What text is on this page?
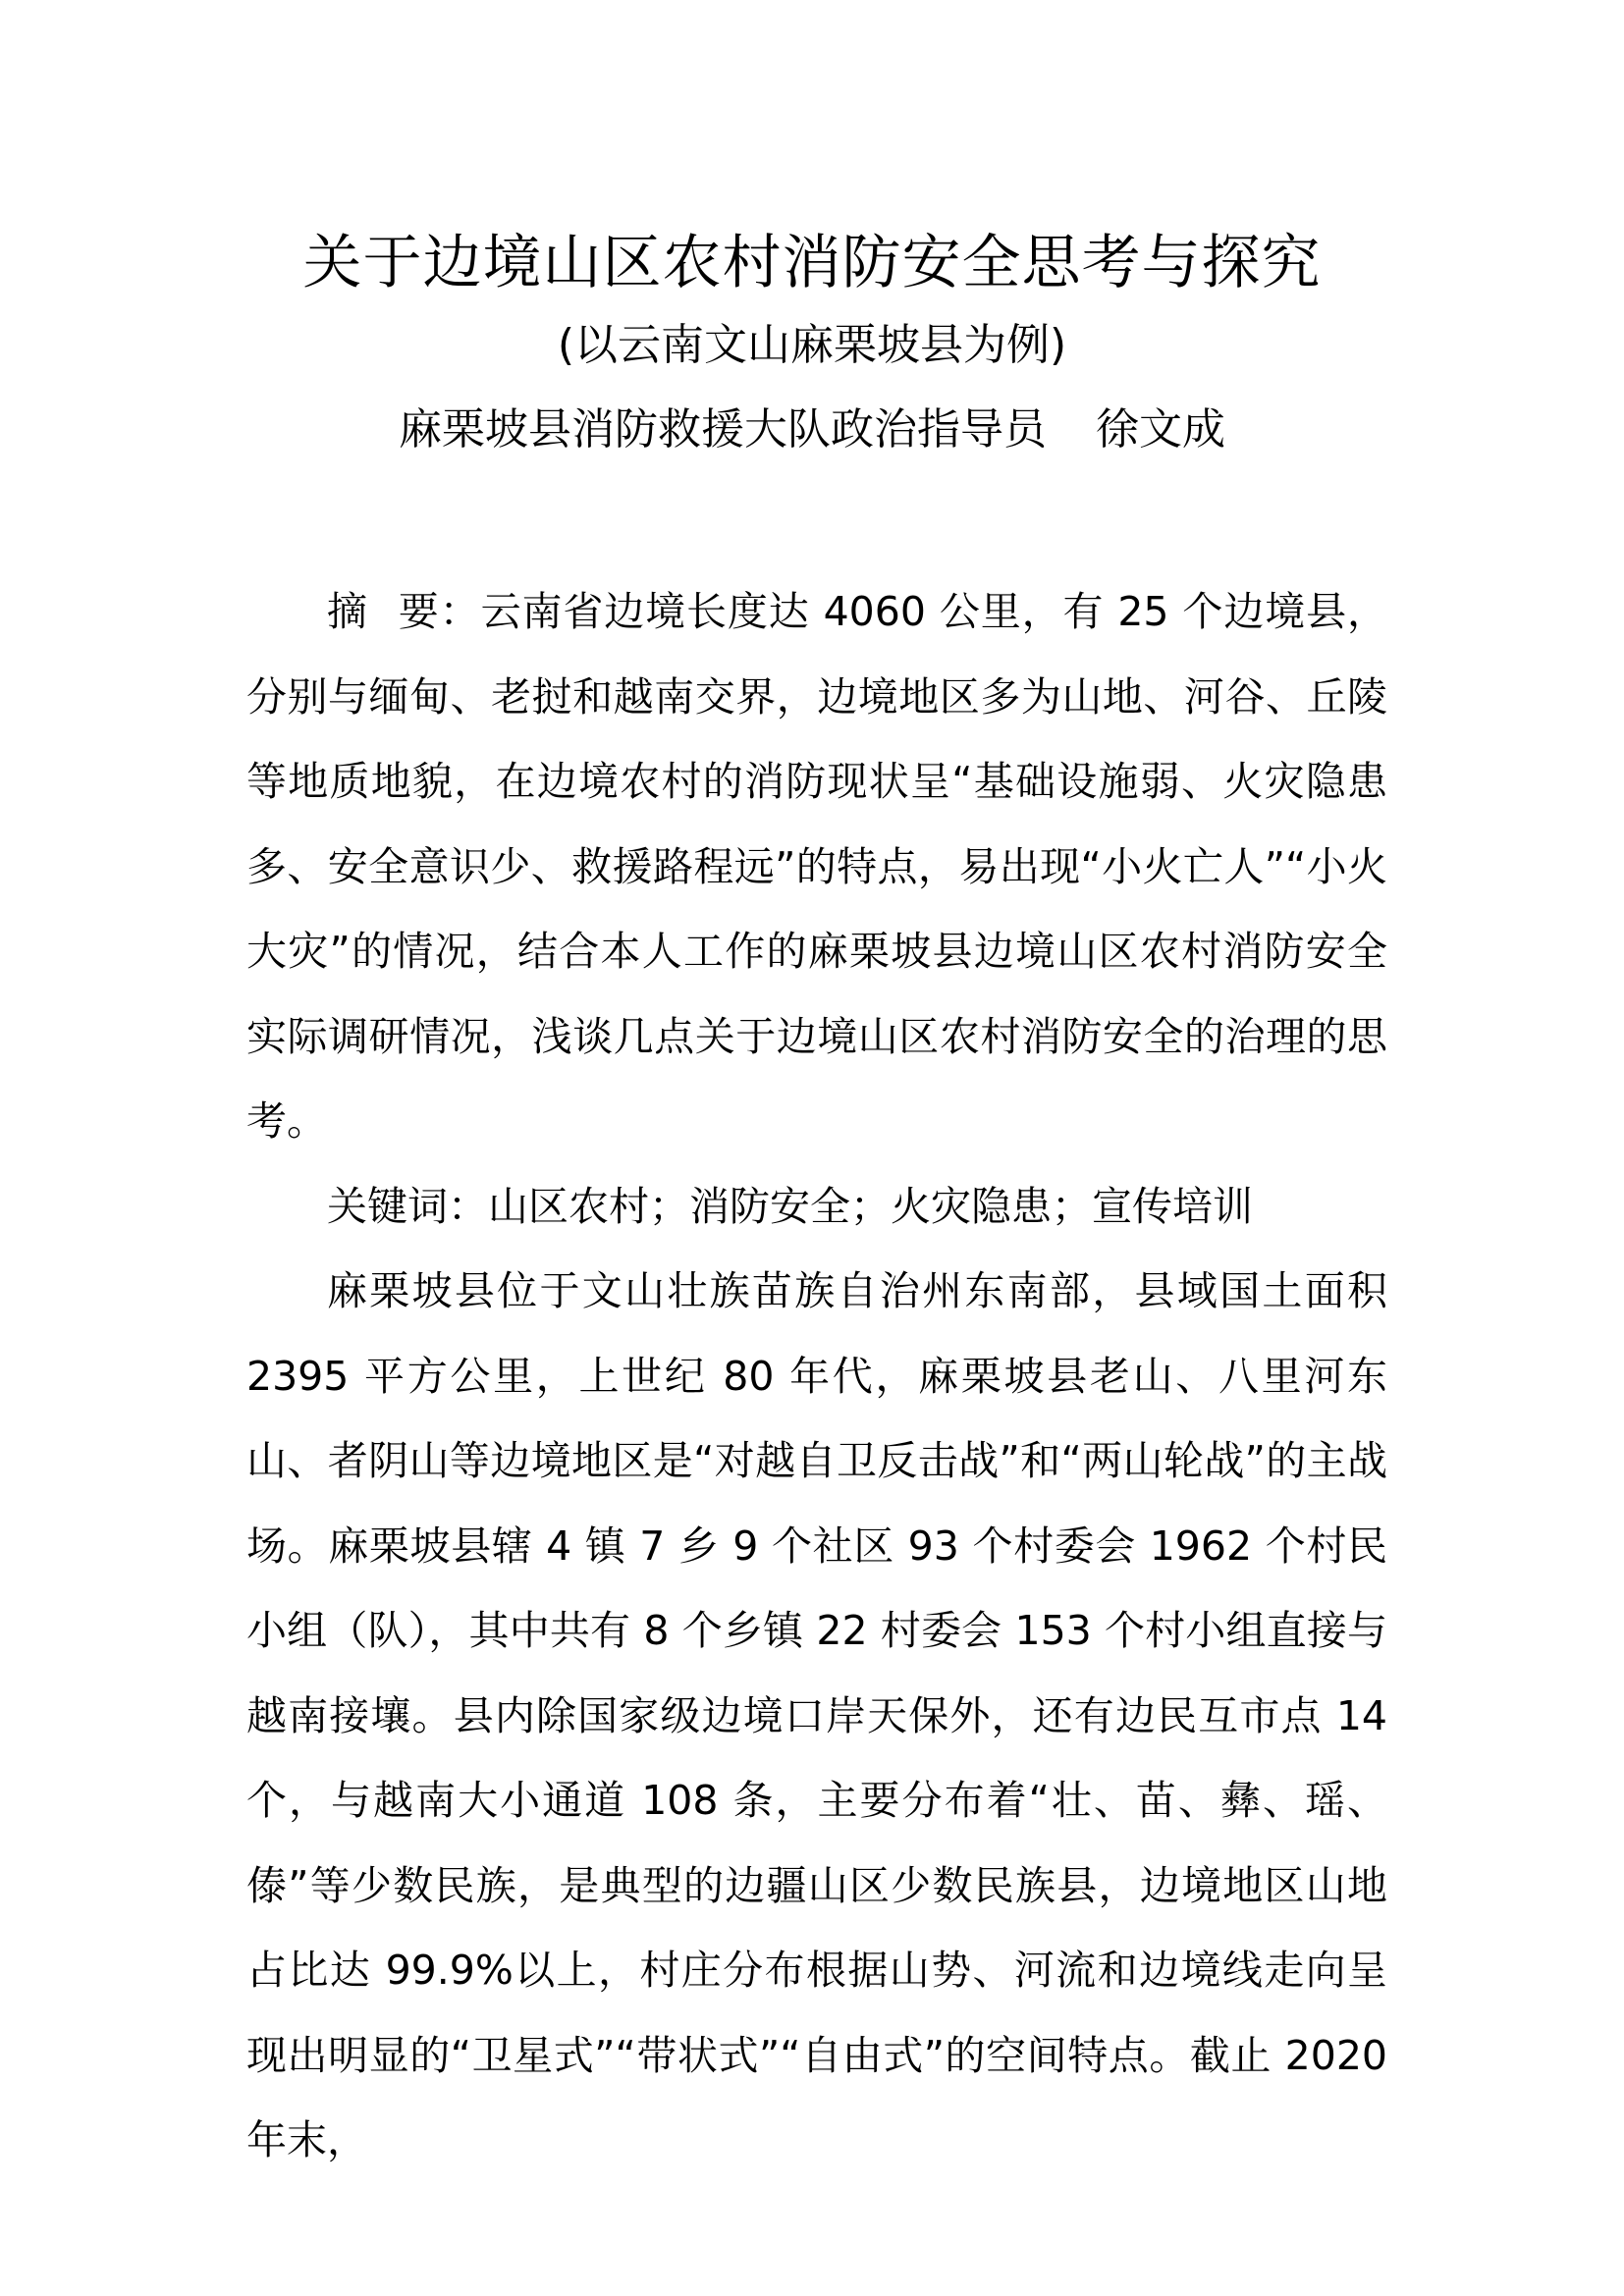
关于边境山区农村消防安全思考与探究
(以云南文山麻栗坡县为例)
麻栗坡县消防救援大队政治指导员 徐文成

摘 要：云南省边境长度达 4060 公里，有 25 个边境县，分别与缅甸、老挝和越南交界，边境地区多为山地、河谷、丘陵等地质地貌，在边境农村的消防现状呈“基础设施弱、火灾隐患多、安全意识少、救援路程远”的特点，易出现“小火亡人”“小火大灾”的情况，结合本人工作的麻栗坡县边境山区农村消防安全实际调研情况，浅谈几点关于边境山区农村消防安全的治理的思考。

关键词：山区农村；消防安全；火灾隐患；宣传培训

麻栗坡县位于文山壮族苗族自治州东南部，县域国土面积 2395 平方公里，上世纪 80 年代，麻栗坡县老山、八里河东山、者阴山等边境地区是“对越自卫反击战”和“两山轮战”的主战场。麻栗坡县辖 4 镇 7 乡 9 个社区 93 个村委会 1962 个村民小组（队），其中共有 8 个乡镇 22 村委会 153 个村小组直接与越南接壤。县内除国家级边境口岸天保外，还有边民互市点 14 个，与越南大小通道 108 条，主要分布着“壮、苗、彝、瑶、傣”等少数民族，是典型的边疆山区少数民族县，边境地区山地占比达 99.9%以上，村庄分布根据山势、河流和边境线走向呈现出明显的“卫星式”“带状式”“自由式”的空间特点。截止 2020 年末，
